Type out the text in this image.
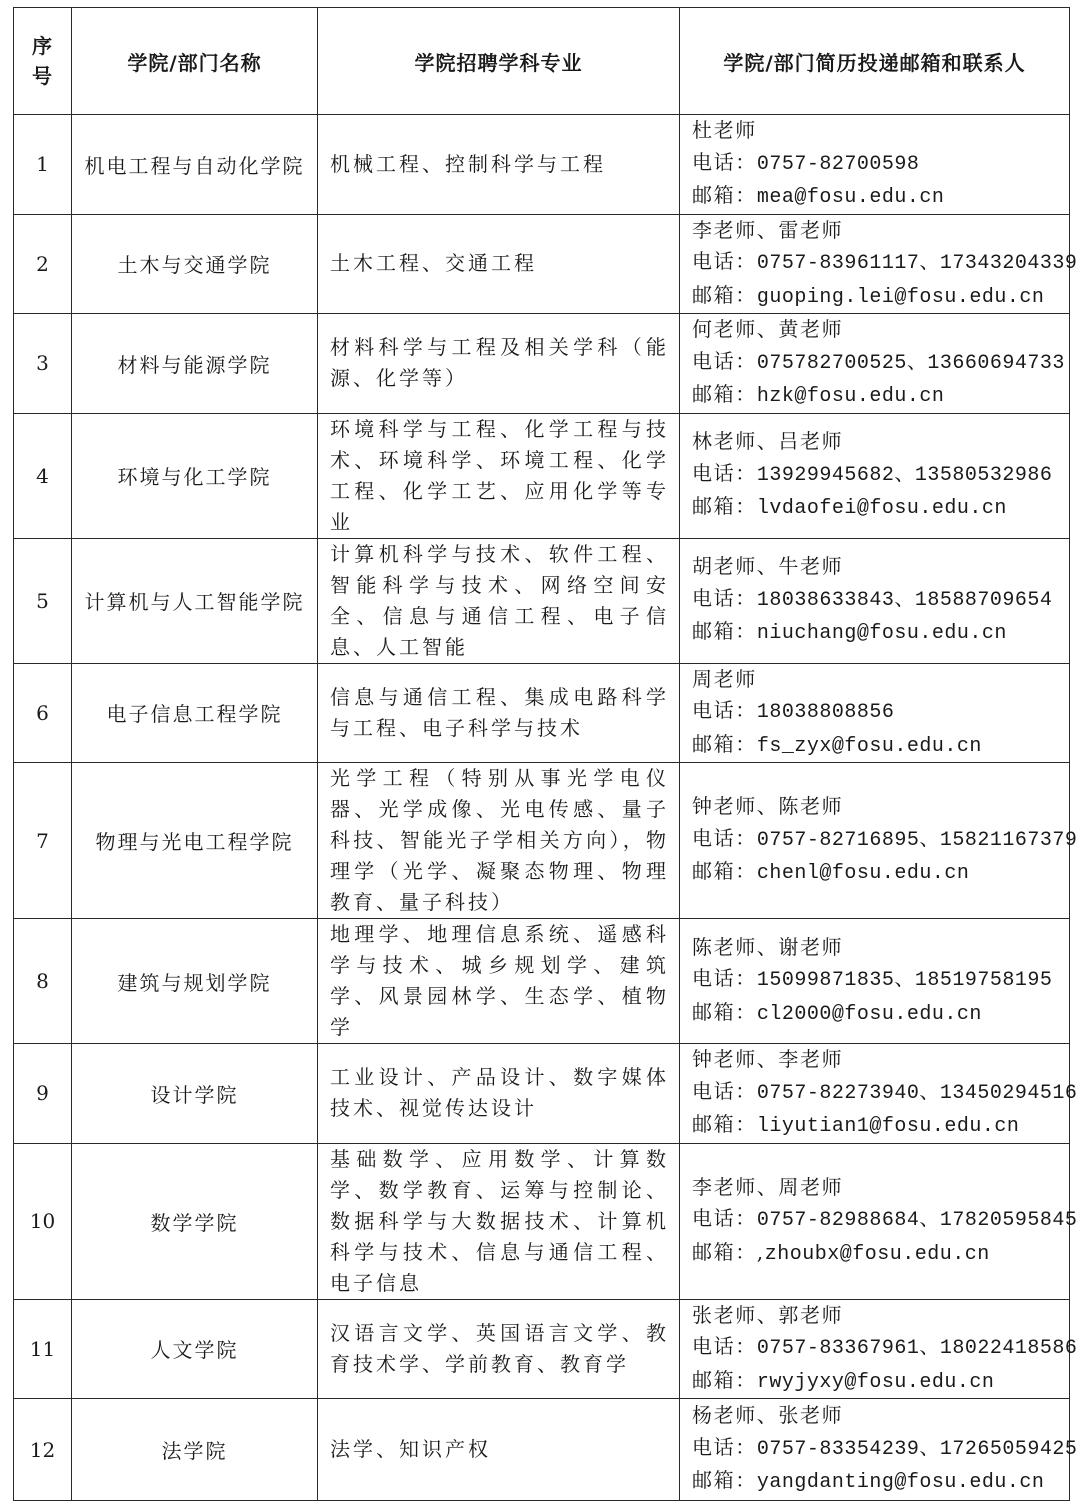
序号	学院/部门名称	学院招聘学科专业	学院/部门简历投递邮箱和联系人
1	机电工程与自动化学院	机械工程、控制科学与工程	杜老师
电话：0757-82700598
邮箱：mea@fosu.edu.cn

2	土木与交通学院	土木工程、交通工程	李老师、雷老师
电话：0757-83961117、17343204339
邮箱：guoping.lei@fosu.edu.cn

3	材料与能源学院	材料科学与工程及相关学科（能源、化学等）	何老师、黄老师
电话：075782700525、13660694733
邮箱：hzk@fosu.edu.cn

4	环境与化工学院	环境科学与工程、化学工程与技术、环境科学、环境工程、化学工程、化学工艺、应用化学等专业	林老师、吕老师
电话：13929945682、13580532986
邮箱：lvdaofei@fosu.edu.cn

5	计算机与人工智能学院	计算机科学与技术、软件工程、智能科学与技术、网络空间安全、信息与通信工程、电子信息、人工智能	胡老师、牛老师
电话：18038633843、18588709654
邮箱：niuchang@fosu.edu.cn

6	电子信息工程学院	信息与通信工程、集成电路科学与工程、电子科学与技术	周老师
电话：18038808856
邮箱：fs_zyx@fosu.edu.cn

7	物理与光电工程学院	光学工程（特别从事光学电仪器、光学成像、光电传感、量子科技、智能光子学相关方向），物理学（光学、凝聚态物理、物理教育、量子科技）	钟老师、陈老师
电话：0757-82716895、15821167379
邮箱：chenl@fosu.edu.cn

8	建筑与规划学院	地理学、地理信息系统、遥感科学与技术、城乡规划学、建筑学、风景园林学、生态学、植物学	陈老师、谢老师
电话：15099871835、18519758195
邮箱：cl2000@fosu.edu.cn

9	设计学院	工业设计、产品设计、数字媒体技术、视觉传达设计	钟老师、李老师
电话：0757-82273940、13450294516
邮箱：liyutian1@fosu.edu.cn

10	数学学院	基础数学、应用数学、计算数学、数学教育、运筹与控制论、数据科学与大数据技术、计算机科学与技术、信息与通信工程、电子信息	李老师、周老师
电话：0757-82988684、17820595845
邮箱：,zhoubx@fosu.edu.cn

11	人文学院	汉语言文学、英国语言文学、教育技术学、学前教育、教育学	张老师、郭老师
电话：0757-83367961、18022418586
邮箱：rwyjyxy@fosu.edu.cn

12	法学院	法学、知识产权	杨老师、张老师
电话：0757-83354239、17265059425
邮箱：yangdanting@fosu.edu.cn
